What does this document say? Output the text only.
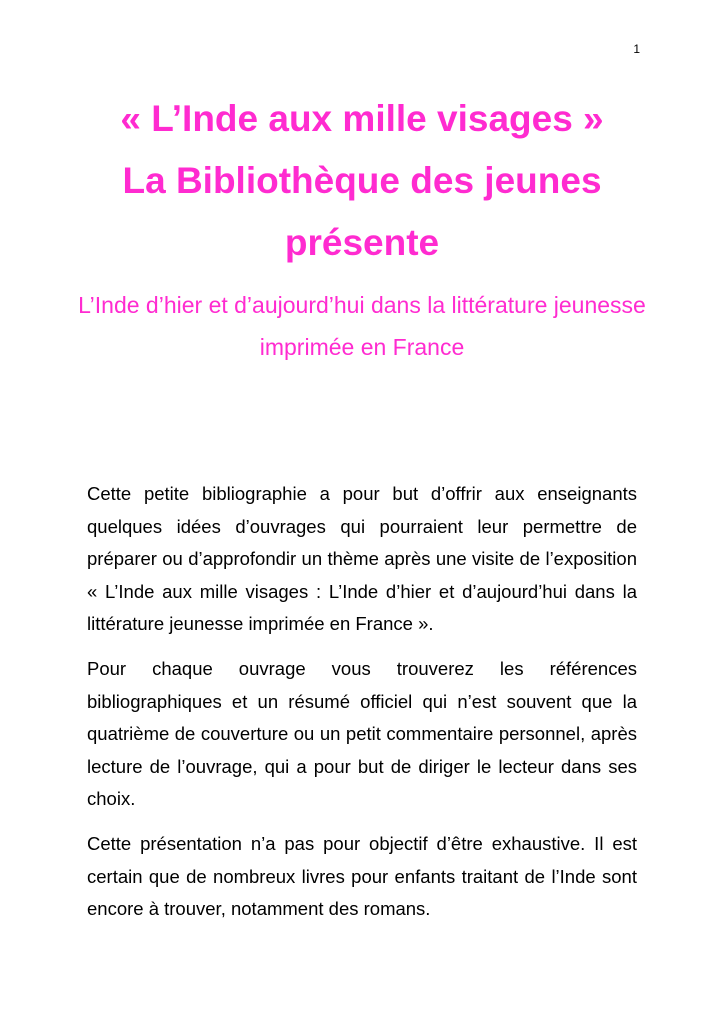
1
« L’Inde aux mille visages »
La Bibliothèque des jeunes présente
L’Inde d’hier et d’aujourd’hui dans la littérature jeunesse imprimée en France

Cette petite bibliographie a pour but d’offrir aux enseignants quelques idées d’ouvrages qui pourraient leur permettre de préparer ou d’approfondir un thème après une visite de l’exposition « L’Inde aux mille visages : L’Inde d’hier et d’aujourd’hui dans la littérature jeunesse imprimée en France ».

Pour chaque ouvrage vous trouverez les références bibliographiques et un résumé officiel qui n’est souvent que la quatrième de couverture ou un petit commentaire personnel, après lecture de l’ouvrage, qui a pour but de diriger le lecteur dans ses choix.

Cette présentation n’a pas pour objectif d’être exhaustive. Il est certain que de nombreux livres pour enfants traitant de l’Inde sont encore à trouver, notamment des romans.
